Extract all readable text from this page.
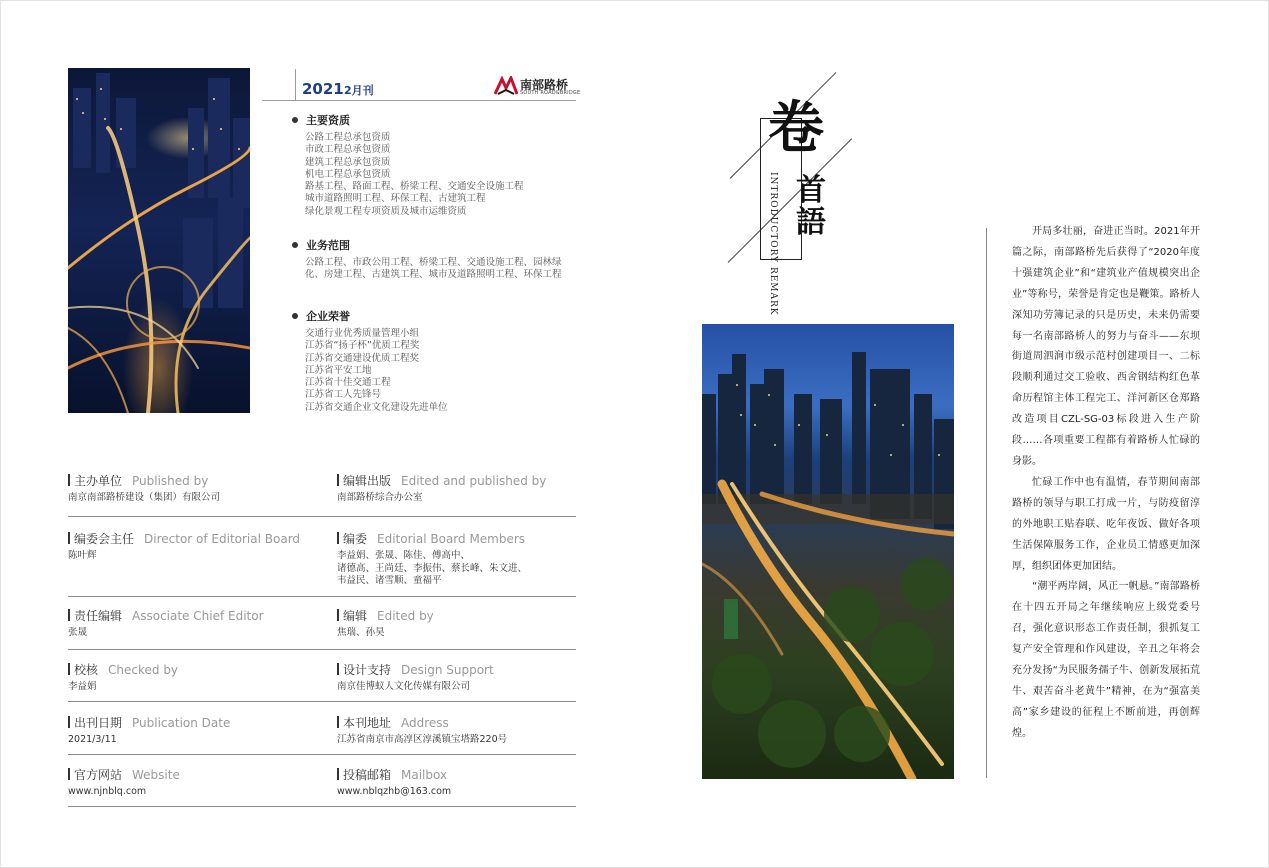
2021 2月刊	南部路桥
SOUTH ROAD&BRIDGE
主要资质
公路工程总承包资质
市政工程总承包资质
建筑工程总承包资质
机电工程总承包资质
路基工程、路面工程、桥梁工程、交通安全设施工程
城市道路照明工程、环保工程、古建筑工程
绿化景观工程专项资质及城市运维资质
业务范围
公路工程、市政公用工程、桥梁工程、交通设施工程、园林绿化、房建工程、古建筑工程、城市及道路照明工程、环保工程
企业荣誉
交通行业优秀质量管理小组
江苏省“扬子杯”优质工程奖
江苏省交通建设优质工程奖
江苏省平安工地
江苏省十佳交通工程
江苏省工人先锋号
江苏省交通企业文化建设先进单位
主办单位 Published by
南京南部路桥建设（集团）有限公司
编辑出版 Edited and published by
南部路桥综合办公室
编委会主任 Director of Editorial Board
陈叶辉
编委 Editorial Board Members
李益娟、张晟、陈佳、傅高中、
诸德高、王尚廷、李振伟、蔡长峰、朱文进、
韦益民、诸雪顺、童福平
责任编辑 Associate Chief Editor
张晟
编辑 Edited by
焦瑞、孙昊
校核 Checked by
李益娟
设计支持 Design Support
南京佳博蚁人文化传媒有限公司
出刊日期 Publication Date
2021/3/11
本刊地址 Address
江苏省南京市高淳区淳溪镇宝塔路220号
官方网站 Website
www.njnblq.com
投稿邮箱 Mailbox
www.nblqzhb@163.com
卷
INTRODUCTORY REMARK 首
語	开局多壮丽，奋进正当时。2021年开篇之际，南部路桥先后获得了“2020年度十强建筑企业”和“建筑业产值规模突出企业”等称号，荣誉是肯定也是鞭策。路桥人深知功劳簿记录的只是历史，未来仍需要每一名南部路桥人的努力与奋斗——东坝街道周泗涧市级示范村创建项目一、二标段顺利通过交工验收、西舍钢结构红色革命历程馆主体工程完工、洋河新区仓郑路改造项目CZL-SG-03标段进入生产阶段……各项重要工程都有着路桥人忙碌的身影。

忙碌工作中也有温情，春节期间南部路桥的领导与职工打成一片，与防疫留淳的外地职工贴春联、吃年夜饭、做好各项生活保障服务工作，企业员工情感更加深厚，组织团体更加团结。

“潮平两岸阔，风正一帆悬。”南部路桥在十四五开局之年继续响应上级党委号召，强化意识形态工作责任制，狠抓复工复产安全管理和作风建设，辛丑之年将会充分发扬“为民服务孺子牛、创新发展拓荒牛、艰苦奋斗老黄牛”精神，在为“强富美高”家乡建设的征程上不断前进，再创辉煌。
